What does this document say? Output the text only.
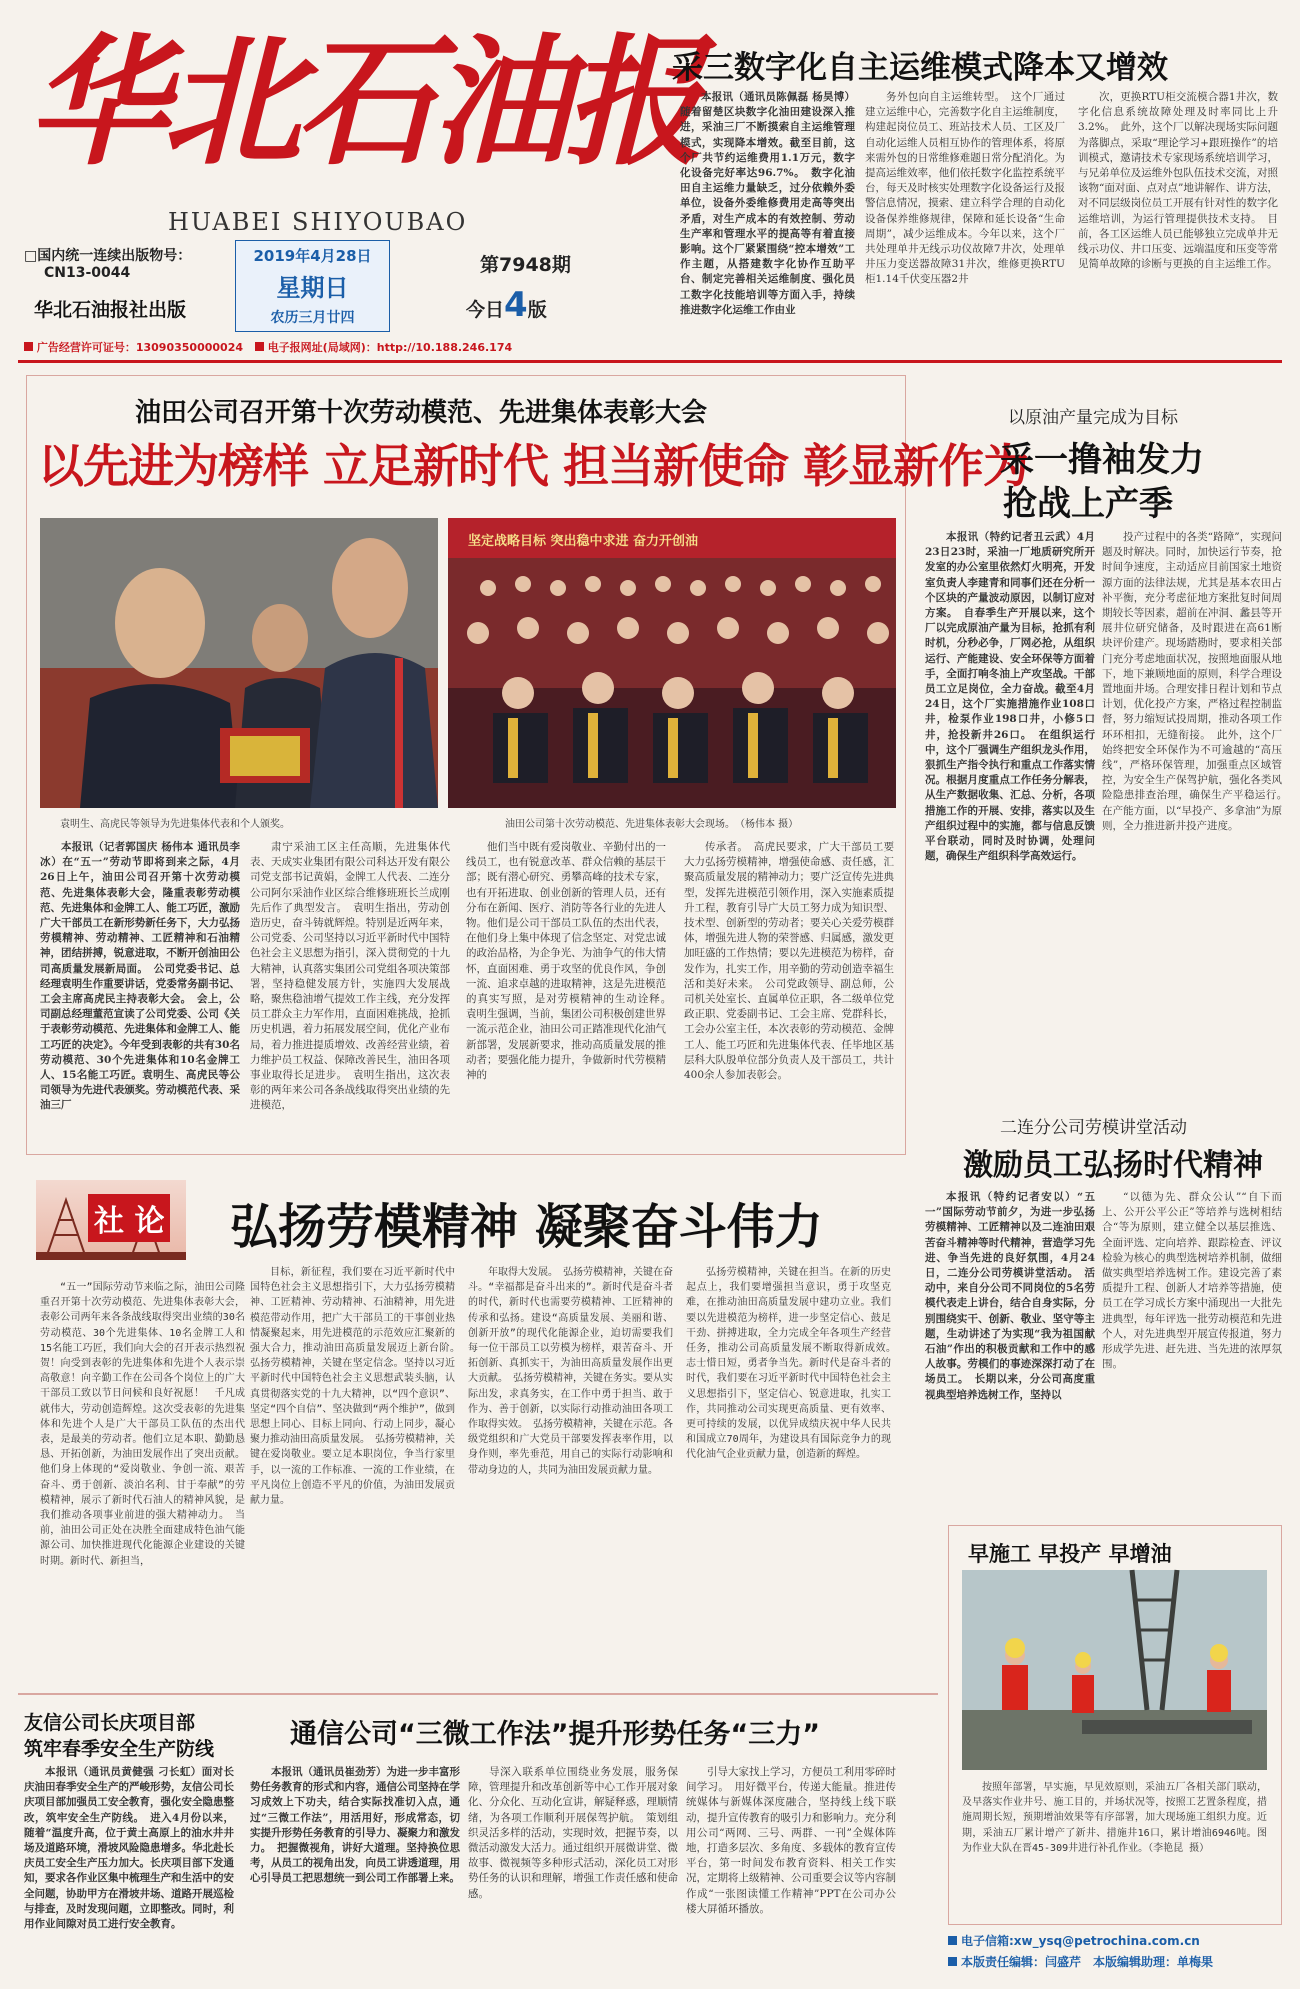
华北石油报
HUABEI SHIYOUBAO
□国内统一连续出版物号：
CN13-0044
华北石油报社出版
2019年4月28日
星期日
农历三月廿四
第7948期
今日4版
广告经营许可证号：13090350000024 电子报网址(局域网)：http://10.188.246.174
采三数字化自主运维模式降本又增效

本报讯（通讯员陈佩磊 杨昊博）随着留楚区块数字化油田建设深入推进，采油三厂不断摸索自主运维管理模式，实现降本增效。截至目前，这个厂共节约运维费用1.1万元，数字化设备完好率达96.7%。　数字化油田自主运维力量缺乏，过分依赖外委单位，设备外委维修费用走高等突出矛盾，对生产成本的有效控制、劳动生产率和管理水平的提高等有着直接影响。这个厂紧紧围绕“控本增效”工作主题，从搭建数字化协作互助平台、制定完善相关运维制度、强化员工数字化技能培训等方面入手，持续推进数字化运维工作由业

务外包向自主运维转型。　这个厂通过建立运维中心，完善数字化自主运维制度，构建起岗位员工、班站技术人员、工区及厂自动化运维人员相互协作的管理体系，将原来需外包的日常维修难题日常分配消化。为提高运维效率，他们依托数字化监控系统平台，每天及时核实处理数字化设备运行及报警信息情况，摸索、建立科学合理的自动化设备保养维修规律，保障和延长设备“生命周期”，减少运维成本。今年以来，这个厂共处理单井无线示功仪故障7井次，处理单井压力变送器故障31井次，维修更换RTU柜1.14千伏变压器2井

次，更换RTU柜交流模合器1井次，数字化信息系统故障处理及时率同比上升3.2%。　此外，这个厂以解决现场实际问题为落脚点，采取“理论学习+跟班操作”的培训模式，邀请技术专家现场系统培训学习，与兄弟单位及运维外包队伍技术交流，对照该物“面对面、点对点”地讲解作、讲方法，对不同层级岗位员工开展有针对性的数字化运维培训，为运行管理提供技术支持。　目前，各工区运维人员已能够独立完成单井无线示功仪、井口压变、远端温度和压变等常见简单故障的诊断与更换的自主运维工作。

油田公司召开第十次劳动模范、先进集体表彰大会
以先进为榜样 立足新时代 担当新使命 彰显新作为
坚定战略目标 突出稳中求进 奋力开创油
袁明生、高虎民等领导为先进集体代表和个人颁奖。	油田公司第十次劳动模范、先进集体表彰大会现场。　（杨伟本 摄）

本报讯（记者郭国庆 杨伟本 通讯员李冰）在“五一”劳动节即将到来之际，4月26日上午，油田公司召开第十次劳动模范、先进集体表彰大会，隆重表彰劳动模范、先进集体和金牌工人、能工巧匠，激励广大干部员工在新形势新任务下，大力弘扬劳模精神、劳动精神、工匠精神和石油精神，团结拼搏，锐意进取，不断开创油田公司高质量发展新局面。　公司党委书记、总经理袁明生作重要讲话，党委常务副书记、工会主席高虎民主持表彰大会。　会上，公司副总经理董范宣读了公司党委、公司《关于表彰劳动模范、先进集体和金牌工人、能工巧匠的决定》。今年受到表彰的共有30名劳动模范、30个先进集体和10名金牌工人、15名能工巧匠。袁明生、高虎民等公司领导为先进代表颁奖。劳动模范代表、采油三厂

肃宁采油工区主任高顺，先进集体代表、天成实业集团有限公司科达开发有限公司党支部书记黄娟，金牌工人代表、二连分公司阿尔采油作业区综合维修班班长兰成刚先后作了典型发言。　袁明生指出，劳动创造历史，奋斗铸就辉煌。特别是近两年来，公司党委、公司坚持以习近平新时代中国特色社会主义思想为指引，深入贯彻党的十九大精神，认真落实集团公司党组各项决策部署，坚持稳健发展方针，实施四大发展战略，聚焦稳油增气提效工作主线，充分发挥员工群众主力军作用，直面困难挑战，抢抓历史机遇，着力拓展发展空间，优化产业布局，着力推进提质增效、改善经营业绩，着力维护员工权益、保障改善民生，油田各项事业取得长足进步。　袁明生指出，这次表彰的两年来公司各条战线取得突出业绩的先进模范，

他们当中既有爱岗敬业、辛勤付出的一线员工，也有锐意改革、群众信赖的基层干部；既有潜心研究、勇攀高峰的技术专家，也有开拓进取、创业创新的管理人员，还有分布在新闻、医疗、消防等各行业的先进人物。他们是公司干部员工队伍的杰出代表，在他们身上集中体现了信念坚定、对党忠诚的政治品格，为企争光、为油争气的伟大情怀，直面困难、勇于攻坚的优良作风，争创一流、追求卓越的进取精神，这是先进模范的真实写照，是对劳模精神的生动诠释。　袁明生强调，当前，集团公司积极创建世界一流示范企业，油田公司正踏准现代化油气新部署，发展新要求，推动高质量发展的推动者；要强化能力提升，争做新时代劳模精神的

传承者。　高虎民要求，广大干部员工要大力弘扬劳模精神，增强使命感、责任感，汇聚高质量发展的精神动力；要广泛宣传先进典型，发挥先进模范引领作用，深入实施素质提升工程，教育引导广大员工努力成为知识型、技术型、创新型的劳动者；要关心关爱劳模群体，增强先进人物的荣誉感、归属感，激发更加旺盛的工作热情；要以先进模范为榜样，奋发作为，扎实工作，用辛勤的劳动创造幸福生活和美好未来。　公司党政领导、副总师，公司机关处室长、直属单位正职，各二级单位党政正职、党委副书记、工会主席、党群科长，工会办公室主任，本次表彰的劳动模范、金牌工人、能工巧匠和先进集体代表、任毕地区基层科大队殷单位部分负责人及干部员工，共计400余人参加表彰会。

社 论 弘扬劳模精神 凝聚奋斗伟力

“五一”国际劳动节来临之际，油田公司隆重召开第十次劳动模范、先进集体表彰大会，表彰公司两年来各条战线取得突出业绩的30名劳动模范、30个先进集体、10名金牌工人和15名能工巧匠，我们向大会的召开表示热烈祝贺！向受到表彰的先进集体和先进个人表示崇高敬意！向辛勤工作在公司各个岗位上的广大干部员工致以节日问候和良好祝愿！　千凡成就伟大，劳动创造辉煌。这次受表彰的先进集体和先进个人是广大干部员工队伍的杰出代表，是最美的劳动者。他们立足本职、勤勤恳恳、开拓创新，为油田发展作出了突出贡献。他们身上体现的“爱岗敬业、争创一流、艰苦奋斗、勇于创新、淡泊名利、甘于奉献”的劳模精神，展示了新时代石油人的精神风貌，是我们推动各项事业前进的强大精神动力。　当前，油田公司正处在决胜全面建成特色油气能源公司、加快推进现代化能源企业建设的关键时期。新时代、新担当，

目标，新征程，我们要在习近平新时代中国特色社会主义思想指引下，大力弘扬劳模精神、工匠精神、劳动精神、石油精神，用先进模范带动作用，把广大干部员工的干事创业热情凝聚起来，用先进模范的示范效应汇聚新的强大合力，推动油田高质量发展迈上新台阶。　弘扬劳模精神，关键在坚定信念。坚持以习近平新时代中国特色社会主义思想武装头脑，认真贯彻落实党的十九大精神，以“四个意识”、坚定“四个自信”、坚决做到“两个维护”，做到思想上同心、目标上同向、行动上同步，凝心聚力推动油田高质量发展。　弘扬劳模精神，关键在爱岗敬业。要立足本职岗位，争当行家里手，以一流的工作标准、一流的工作业绩，在平凡岗位上创造不平凡的价值，为油田发展贡献力量。

年取得大发展。　弘扬劳模精神，关键在奋斗。“幸福都是奋斗出来的”。新时代是奋斗者的时代，新时代也需要劳模精神、工匠精神的传承和弘扬。建设“高质量发展、美丽和谐、创新开放”的现代化能源企业，迫切需要我们每一位干部员工以劳模为榜样，艰苦奋斗、开拓创新、真抓实干，为油田高质量发展作出更大贡献。　弘扬劳模精神，关键在务实。要从实际出发，求真务实，在工作中勇于担当、敢于作为、善于创新，以实际行动推动油田各项工作取得实效。　弘扬劳模精神，关键在示范。各级党组织和广大党员干部要发挥表率作用，以身作则，率先垂范，用自己的实际行动影响和带动身边的人，共同为油田发展贡献力量。

弘扬劳模精神，关键在担当。在新的历史起点上，我们要增强担当意识，勇于攻坚克难，在推动油田高质量发展中建功立业。我们要以先进模范为榜样，进一步坚定信心、鼓足干劲、拼搏进取，全力完成全年各项生产经营任务，推动公司高质量发展不断取得新成效。　志士惜日短，勇者争当先。新时代是奋斗者的时代，我们要在习近平新时代中国特色社会主义思想指引下，坚定信心、锐意进取，扎实工作，共同推动公司实现更高质量、更有效率、更可持续的发展，以优异成绩庆祝中华人民共和国成立70周年，为建设具有国际竞争力的现代化油气企业贡献力量，创造新的辉煌。

以原油产量完成为目标
采一撸袖发力
抢战上产季

本报讯（特约记者丑云武）4月23日23时，采油一厂地质研究所开发室的办公室里依然灯火明亮，开发室负责人李建青和同事们还在分析一个区块的产量波动原因，以制订应对方案。　自春季生产开展以来，这个厂以完成原油产量为目标，抢抓有利时机，分秒必争，厂网必抢，从组织运行、产能建设、安全环保等方面着手，全面打响冬油上产攻坚战。干部员工立足岗位，全力奋战。截至4月24日，这个厂实施措施作业108口井，检泵作业198口井，小修5口井，抢投新井26口。　在组织运行中，这个厂强调生产组织龙头作用，狠抓生产指令执行和重点工作落实情况。根据月度重点工作任务分解表，从生产数据收集、汇总、分析，各项措施工作的开展、安排，落实以及生产组织过程中的实施，都与信息反馈平台联动，同时及时协调，处理问题，确保生产组织科学高效运行。

投产过程中的各类“路障”，实现问题及时解决。同时，加快运行节奏，抢时间争速度，主动适应目前国家土地资源方面的法律法规，尤其是基本农田占补平衡，充分考虑征地方案批复时间周期较长等因素，超前在冲洞、蠡县等开展井位研究储备，及时跟进在高61断块评价建产。现场踏勘时，要求相关部门充分考虑地面状况，按照地面服从地下，地下兼顾地面的原则，科学合理设置地面井场。合理安排日程计划和节点计划，优化投产方案，严格过程控制监督，努力缩短试投周期，推动各项工作环环相扣，无缝衔接。　此外，这个厂始终把安全环保作为不可逾越的“高压线”，严格环保管理，加强重点区域管控，为安全生产保驾护航，强化各类风险隐患排查治理，确保生产平稳运行。　在产能方面，以“早投产、多拿油”为原则，全力推进新井投产进度。

二连分公司劳模讲堂活动
激励员工弘扬时代精神

本报讯（特约记者安以）“五一”国际劳动节前夕，为进一步弘扬劳模精神、工匠精神以及二连油田艰苦奋斗精神等时代精神，营造学习先进、争当先进的良好氛围，4月24日，二连分公司劳模讲堂活动。　活动中，来自分公司不同岗位的5名劳模代表走上讲台，结合自身实际，分别围绕实干、创新、敬业、坚守等主题，生动讲述了为实现“我为祖国献石油”作出的积极贡献和工作中的感人故事。劳模们的事迹深深打动了在场员工。　长期以来，分公司高度重视典型培养选树工作，坚持以

“以德为先、群众公认”“自下而上、公开公平公正”等培养与选树相结合“等为原则，建立健全以基层推选、全面评选、定向培养、跟踪检查、评议检验为核心的典型选树培养机制，做细做实典型培养选树工作。建设完善了素质提升工程、创新人才培养等措施，使员工在学习成长方案中涌现出一大批先进典型，每年评选一批劳动模范和先进个人，对先进典型开展宣传报道，努力形成学先进、赶先进、当先进的浓厚氛围。

早施工 早投产 早增油

按照年部署，早实施，早见效原则，采油五厂各相关部门联动，及早落实作业井号、施工目的，并场状况等，按照工艺置条程度，措施周期长短，预期增油效果等有序部署，加大现场施工组织力度。近期，采油五厂累计增产了新井、措施井16口，累计增油6946吨。图为作业大队在晋45-309井进行补孔作业。（李艳昆 摄）

友信公司长庆项目部
筑牢春季安全生产防线

本报讯（通讯员黄健强 刁长虹）面对长庆油田春季安全生产的严峻形势，友信公司长庆项目部加强员工安全教育，强化安全隐患整改，筑牢安全生产防线。　进入4月份以来，随着“温度升高，位于黄土高原上的油水井井场及道路环境，滑坡风险隐患增多。华北赴长庆员工安全生产压力加大。长庆项目部下发通知，要求各作业区集中梳理生产和生活中的安全问题，协助甲方在滑坡井场、道路开展巡检与排查，及时发现问题，立即整改。同时，利用作业间隙对员工进行安全教育。

通信公司“三微工作法”提升形势任务“三力”

本报讯（通讯员崔劲芳）为进一步丰富形势任务教育的形式和内容，通信公司坚持在学习成效上下功夫，结合实际找准切入点，通过“三微工作法”，用活用好，形成常态，切实提升形势任务教育的引导力、凝聚力和激发力。　把握微视角，讲好大道理。坚持换位思考，从员工的视角出发，向员工讲透道理，用心引导员工把思想统一到公司工作部署上来。

导深入联系单位围绕业务发展，服务保障，管理提升和改革创新等中心工作开展对象化、分众化、互动化宣讲，解疑释惑，理顺情绪，为各项工作顺利开展保驾护航。　策划组织灵活多样的活动，实现时效，把握节奏，以微活动激发大活力。通过组织开展微讲堂、微故事、微视频等多种形式活动，深化员工对形势任务的认识和理解，增强工作责任感和使命感。

引导大家找上学习，方便员工利用零碎时间学习。　用好微平台，传递大能量。推进传统媒体与新媒体深度融合，坚持线上线下联动，提升宣传教育的吸引力和影响力。充分利用公司“两网、三号、两群、一刊”全媒体阵地，打造多层次、多角度、多载体的教育宣传平台，第一时间发布教育资料、相关工作实况，定期将上级精神、公司重要会议等内容制作成“一张图读懂工作精神”PPT在公司办公楼大屏循环播放。

电子信箱:xw_ysq@petrochina.com.cn
本版责任编辑：闫盛芹　本版编辑助理：单梅果
